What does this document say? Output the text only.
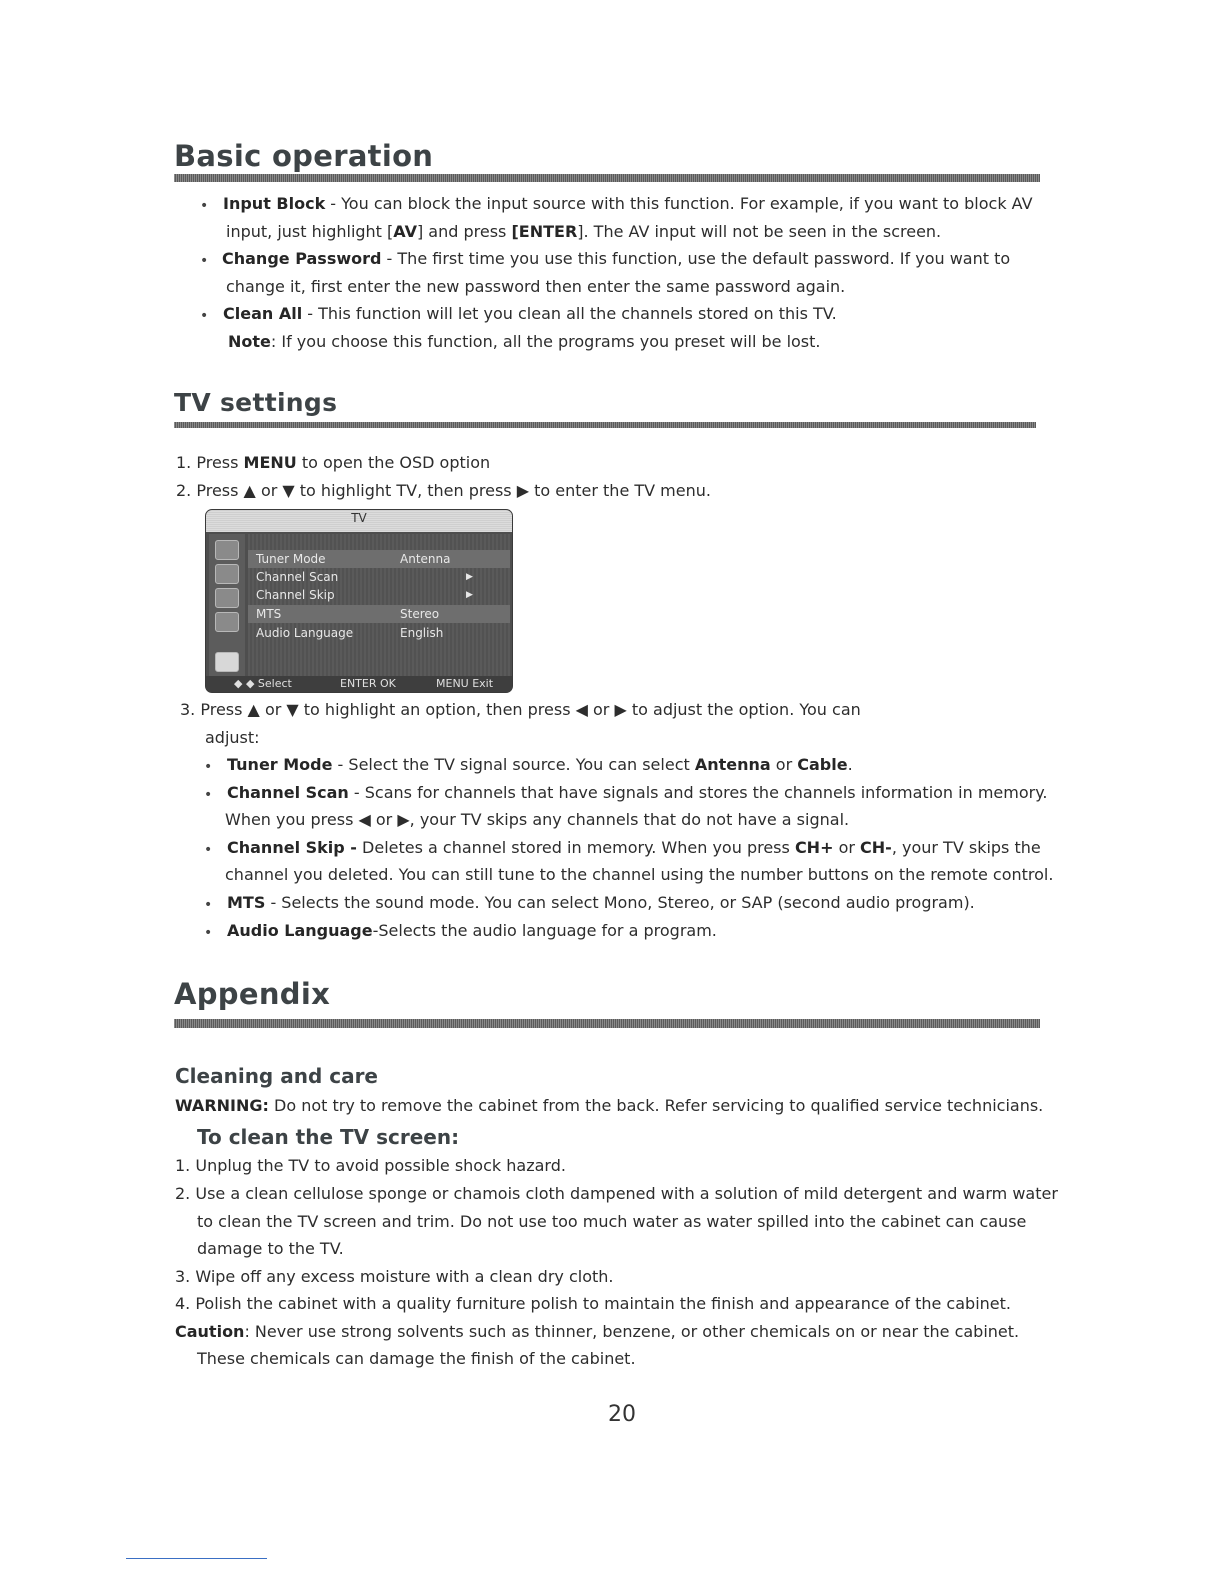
Basic operation
• Input Block - You can block the input source with this function. For example, if you want to block AV

input, just highlight [AV] and press [ENTER]. The AV input will not be seen in the screen.

• Change Password - The first time you use this function, use the default password. If you want to

change it, first enter the new password then enter the same password again.

• Clean All - This function will let you clean all the channels stored on this TV.

Note: If you choose this function, all the programs you preset will be lost.

TV settings

1. Press MENU to open the OSD option

2. Press ▲ or ▼ to highlight TV, then press ▶ to enter the TV menu.

TV
Tuner Mode	Antenna
Channel Scan	▶
Channel Skip	▶
MTS	Stereo
Audio Language	English
◆ ◆ Select	ENTER OK	MENU Exit

3. Press ▲ or ▼ to highlight an option, then press ◀ or ▶ to adjust the option. You can

adjust:

• Tuner Mode - Select the TV signal source. You can select Antenna or Cable.

• Channel Scan - Scans for channels that have signals and stores the channels information in memory.

When you press ◀ or ▶, your TV skips any channels that do not have a signal.

• Channel Skip - Deletes a channel stored in memory. When you press CH+ or CH-, your TV skips the

channel you deleted. You can still tune to the channel using the number buttons on the remote control.

• MTS - Selects the sound mode. You can select Mono, Stereo, or SAP (second audio program).

• Audio Language-Selects the audio language for a program.

Appendix
Cleaning and care

WARNING: Do not try to remove the cabinet from the back. Refer servicing to qualified service technicians.

To clean the TV screen:

1. Unplug the TV to avoid possible shock hazard.

2. Use a clean cellulose sponge or chamois cloth dampened with a solution of mild detergent and warm water

to clean the TV screen and trim. Do not use too much water as water spilled into the cabinet can cause

damage to the TV.

3. Wipe off any excess moisture with a clean dry cloth.

4. Polish the cabinet with a quality furniture polish to maintain the finish and appearance of the cabinet.

Caution: Never use strong solvents such as thinner, benzene, or other chemicals on or near the cabinet.

These chemicals can damage the finish of the cabinet.

20
